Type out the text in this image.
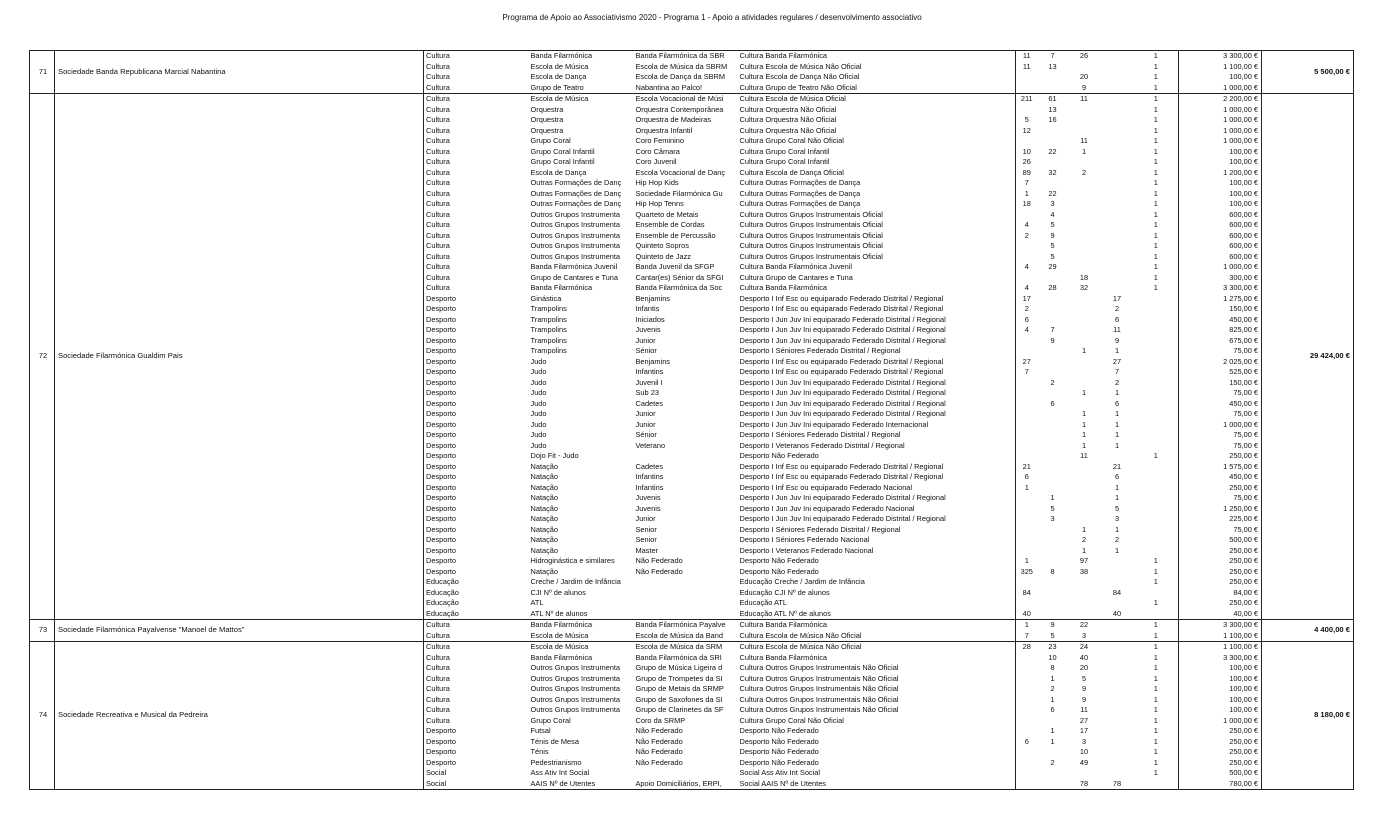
Programa de Apoio ao Associativismo 2020 - Programa 1 - Apoio a atividades regulares / desenvolvimento associativo
71	Sociedade Banda Republicana Marcial Nabantina	Cultura	Banda Filarmónica	Banda Filarmónica da SBR	Cultura Banda Filarmónica	11	7	26		1	3 300,00 €	5 500,00 €
		Cultura	Escola de Música	Escola de Música da SBRM	Cultura Escola de Música Não Oficial	11	13			1	1 100,00 €	
		Cultura	Escola de Dança	Escola de Dança da SBRM	Cultura Escola de Dança Não Oficial			20		1	100,00 €	
		Cultura	Grupo de Teatro	Nabantina ao Palco!	Cultura Grupo de Teatro Não Oficial			9		1	1 000,00 €	
72	Sociedade Filarmónica Gualdim Pais	Cultura	Escola de Música	Escola Vocacional de Músi	Cultura Escola de Música Oficial	211	61	11		1	2 200,00 €	29 424,00 €
		Cultura	Orquestra	Orquestra Contemporânea	Cultura Orquestra Não Oficial		13			1	1 000,00 €	
		Cultura	Orquestra	Orquestra de Madeiras	Cultura Orquestra Não Oficial	5	16			1	1 000,00 €	
		Cultura	Orquestra	Orquestra Infantil	Cultura Orquestra Não Oficial	12				1	1 000,00 €	
		Cultura	Grupo Coral	Coro Feminino	Cultura Grupo Coral Não Oficial			11		1	1 000,00 €	
		Cultura	Grupo Coral Infantil	Coro Câmara	Cultura Grupo Coral Infantil	10	22	1		1	100,00 €	
		Cultura	Grupo Coral Infantil	Coro Juvenil	Cultura Grupo Coral Infantil	26				1	100,00 €	
		Cultura	Escola de Dança	Escola Vocacional de Danç	Cultura Escola de Dança Oficial	89	32	2		1	1 200,00 €	
		Cultura	Outras Formações de Danç	Hip Hop Kids	Cultura Outras Formações de Dança	7				1	100,00 €	
		Cultura	Outras Formações de Danç	Sociedade Filarmónica Gu	Cultura Outras Formações de Dança	1	22			1	100,00 €	
		Cultura	Outras Formações de Danç	Hip Hop Tenns	Cultura Outras Formações de Dança	18	3			1	100,00 €	
		Cultura	Outros Grupos Instrumenta	Quarteto de Metais	Cultura Outros Grupos Instrumentais Oficial		4			1	600,00 €	
		Cultura	Outros Grupos Instrumenta	Ensemble de Cordas	Cultura Outros Grupos Instrumentais Oficial	4	5			1	600,00 €	
		Cultura	Outros Grupos Instrumenta	Ensemble de Percussão	Cultura Outros Grupos Instrumentais Oficial	2	9			1	600,00 €	
		Cultura	Outros Grupos Instrumenta	Quinteto Sopros	Cultura Outros Grupos Instrumentais Oficial		5			1	600,00 €	
		Cultura	Outros Grupos Instrumenta	Quinteto de Jazz	Cultura Outros Grupos Instrumentais Oficial		5			1	600,00 €	
		Cultura	Banda Filarmónica Juvenil	Banda Juvenil da SFGP	Cultura Banda Filarmónica Juvenil	4	29			1	1 000,00 €	
		Cultura	Grupo de Cantares e Tuna	Cantar(es) Sénior da SFGI	Cultura Grupo de Cantares e Tuna			18		1	300,00 €	
		Cultura	Banda Filarmónica	Banda Filarmónica da Soc	Cultura Banda Filarmónica	4	28	32		1	3 300,00 €	
		Desporto	Ginástica	Benjamins	Desporto I Inf Esc ou equiparado Federado Distrital / Regional	17			17		1 275,00 €	
		Desporto	Trampolins	Infantis	Desporto I Inf Esc ou equiparado Federado Distrital / Regional	2			2		150,00 €	
		Desporto	Trampolins	Iniciados	Desporto I Jun Juv Ini equiparado Federado Distrital / Regional	6			6		450,00 €	
		Desporto	Trampolins	Juvenis	Desporto I Jun Juv Ini equiparado Federado Distrital / Regional	4	7		11		825,00 €	
		Desporto	Trampolins	Junior	Desporto I Jun Juv Ini equiparado Federado Distrital / Regional		9		9		675,00 €	
		Desporto	Trampolins	Sénior	Desporto I Séniores Federado Distrital / Regional			1	1		75,00 €	
		Desporto	Judo	Benjamins	Desporto I Inf Esc ou equiparado Federado Distrital / Regional	27			27		2 025,00 €	
		Desporto	Judo	Infantins	Desporto I Inf Esc ou equiparado Federado Distrital / Regional	7			7		525,00 €	
		Desporto	Judo	Juvenil I	Desporto I Jun Juv Ini equiparado Federado Distrital / Regional		2		2		150,00 €	
		Desporto	Judo	Sub 23	Desporto I Jun Juv Ini equiparado Federado Distrital / Regional			1	1		75,00 €	
		Desporto	Judo	Cadetes	Desporto I Jun Juv Ini equiparado Federado Distrital / Regional		6		6		450,00 €	
		Desporto	Judo	Junior	Desporto I Jun Juv Ini equiparado Federado Distrital / Regional			1	1		75,00 €	
		Desporto	Judo	Junior	Desporto I Jun Juv Ini equiparado Federado Internacional			1	1		1 000,00 €	
		Desporto	Judo	Sénior	Desporto I Séniores Federado Distrital / Regional			1	1		75,00 €	
		Desporto	Judo	Veterano	Desporto I Veteranos Federado Distrital / Regional			1	1		75,00 €	
		Desporto	Dojo Fit - Judo		Desporto Não Federado			11		1	250,00 €	
		Desporto	Natação	Cadetes	Desporto I Inf Esc ou equiparado Federado Distrital / Regional	21			21		1 575,00 €	
		Desporto	Natação	Infantins	Desporto I Inf Esc ou equiparado Federado Distrital / Regional	6			6		450,00 €	
		Desporto	Natação	Infantins	Desporto I Inf Esc ou equiparado Federado Nacional	1			1		250,00 €	
		Desporto	Natação	Juvenis	Desporto I Jun Juv Ini equiparado Federado Distrital / Regional		1		1		75,00 €	
		Desporto	Natação	Juvenis	Desporto I Jun Juv Ini equiparado Federado Nacional		5		5		1 250,00 €	
		Desporto	Natação	Junior	Desporto I Jun Juv Ini equiparado Federado Distrital / Regional		3		3		225,00 €	
		Desporto	Natação	Senior	Desporto I Séniores Federado Distrital / Regional			1	1		75,00 €	
		Desporto	Natação	Senior	Desporto I Séniores Federado Nacional			2	2		500,00 €	
		Desporto	Natação	Master	Desporto I Veteranos Federado Nacional			1	1		250,00 €	
		Desporto	Hidroginástica e similares	Não Federado	Desporto Não Federado	1		97		1	250,00 €	
		Desporto	Natação	Não Federado	Desporto Não Federado	325	8	38		1	250,00 €	
		Educação	Creche / Jardim de Infância		Educação Creche / Jardim de Infância					1	250,00 €	
		Educação	CJI Nº de alunos		Educação CJI Nº de alunos	84			84		84,00 €	
		Educação	ATL		Educação ATL					1	250,00 €	
		Educação	ATL Nº de alunos		Educação ATL Nº de alunos	40			40		40,00 €	
73	Sociedade Filarmónica Payalvense "Manoel de Mattos"	Cultura	Banda Filarmónica	Banda Filarmónica Payalve	Cultura Banda Filarmónica	1	9	22		1	3 300,00 €	4 400,00 €
		Cultura	Escola de Música	Escola de Música da Band	Cultura Escola de Música Não Oficial	7	5	3		1	1 100,00 €	
74	Sociedade Recreativa e Musical da Pedreira	Cultura	Escola de Música	Escola de Música da SRM	Cultura Escola de Música Não Oficial	28	23	24		1	1 100,00 €	8 180,00 €
		Cultura	Banda Filarmónica	Banda Filarmónica da SRI	Cultura Banda Filarmónica		10	40		1	3 300,00 €	
		Cultura	Outros Grupos Instrumenta	Grupo de Música Ligeira d	Cultura Outros Grupos Instrumentais Não Oficial		8	20		1	100,00 €	
		Cultura	Outros Grupos Instrumenta	Grupo de Trompetes da SI	Cultura Outros Grupos Instrumentais Não Oficial		1	5		1	100,00 €	
		Cultura	Outros Grupos Instrumenta	Grupo de Metais da SRMP	Cultura Outros Grupos Instrumentais Não Oficial		2	9		1	100,00 €	
		Cultura	Outros Grupos Instrumenta	Grupo de Saxofones da SI	Cultura Outros Grupos Instrumentais Não Oficial		1	9		1	100,00 €	
		Cultura	Outros Grupos Instrumenta	Grupo de Clarinetes da SF	Cultura Outros Grupos Instrumentais Não Oficial		6	11		1	100,00 €	
		Cultura	Grupo Coral	Coro da SRMP	Cultura Grupo Coral Não Oficial			27		1	1 000,00 €	
		Desporto	Futsal	Não Federado	Desporto Não Federado		1	17		1	250,00 €	
		Desporto	Ténis de Mesa	Não Federado	Desporto Não Federado	6	1	3		1	250,00 €	
		Desporto	Ténis	Não Federado	Desporto Não Federado			10		1	250,00 €	
		Desporto	Pedestrianismo	Não Federado	Desporto Não Federado		2	49		1	250,00 €	
		Social	Ass Ativ Int Social		Social Ass Ativ Int Social					1	500,00 €	
		Social	AAIS Nº de Utentes	Apoio Domiciliários, ERPI,	Social AAIS Nº de Utentes			78	78		780,00 €	
